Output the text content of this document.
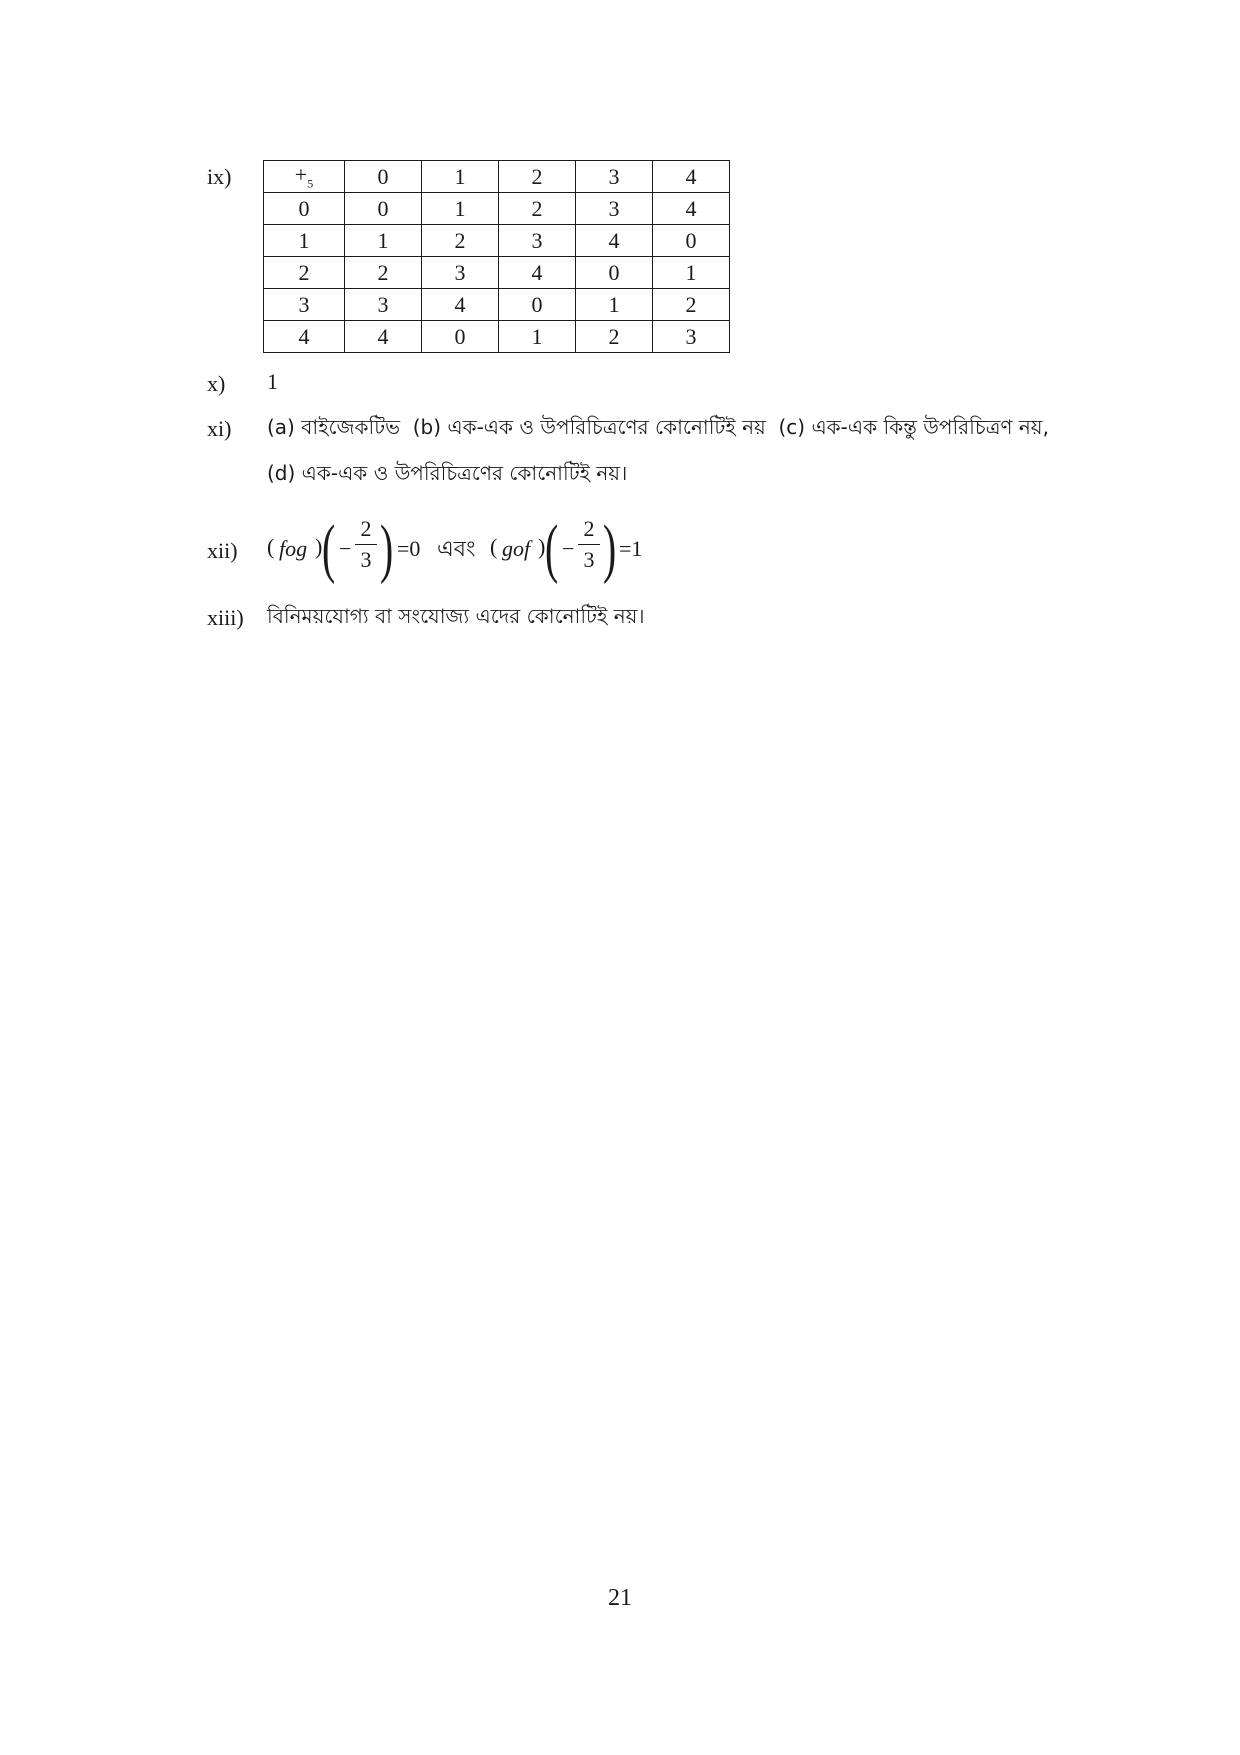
ix)	$+_5$	0	1	2	3	4
0	0	1	2	3	4
1	1	2	3	4	0
2	2	3	4	0	1
3	3	4	0	1	2
4	4	0	1	2	3
x) 1
xi) (a) বাইজেকটিভ  (b) এক-এক ও উপরিচিত্রণের কোনোটিই নয়  (c) এক-এক কিন্তু উপরিচিত্রণ নয়,
(d) এক-এক ও উপরিচিত্রণের কোনোটিই নয়।
xii) ( fog ) ( −
2
3 ) =0 এবং ( gof ) ( −
2
3 ) =1
xiii) বিনিময়যোগ্য বা সংযোজ্য এদের কোনোটিই নয়।
21
